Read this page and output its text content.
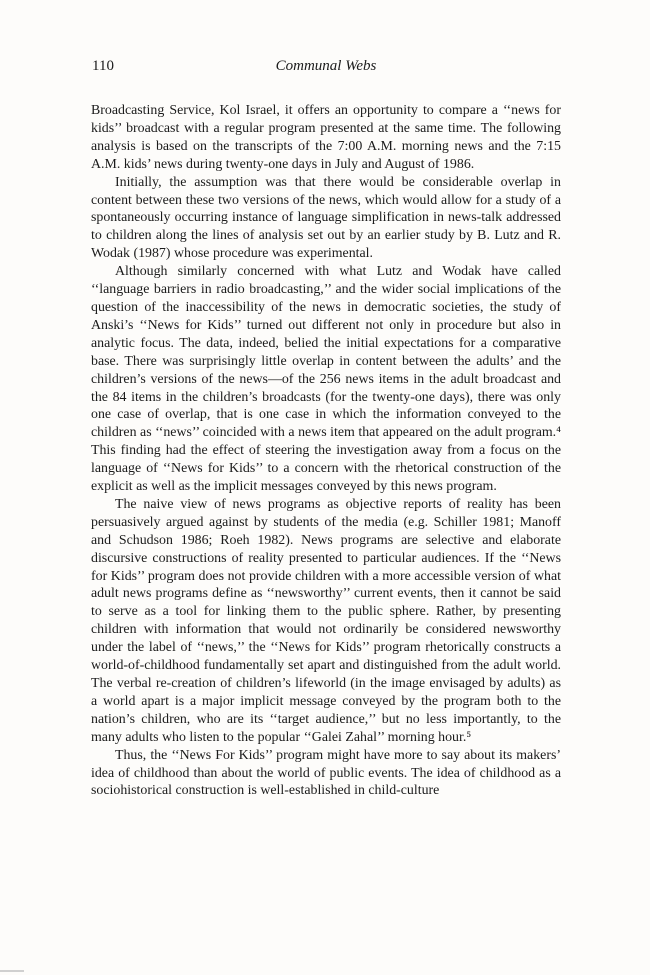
110	Communal Webs

Broadcasting Service, Kol Israel, it offers an opportunity to compare a ‘‘news for kids’’ broadcast with a regular program presented at the same time. The following analysis is based on the transcripts of the 7:00 A.M. morning news and the 7:15 A.M. kids’ news during twenty-one days in July and August of 1986.

Initially, the assumption was that there would be considerable overlap in content between these two versions of the news, which would allow for a study of a spontaneously occurring instance of language simplification in news-talk addressed to children along the lines of analysis set out by an earlier study by B. Lutz and R. Wodak (1987) whose procedure was experimental.

Although similarly concerned with what Lutz and Wodak have called ‘‘language barriers in radio broadcasting,’’ and the wider social implications of the question of the inaccessibility of the news in democratic societies, the study of Anski’s ‘‘News for Kids’’ turned out different not only in procedure but also in analytic focus. The data, indeed, belied the initial expectations for a comparative base. There was surprisingly little overlap in content between the adults’ and the children’s versions of the news—of the 256 news items in the adult broadcast and the 84 items in the children’s broadcasts (for the twenty-one days), there was only one case of overlap, that is one case in which the information conveyed to the children as ‘‘news’’ coincided with a news item that appeared on the adult program.⁴ This finding had the effect of steering the investigation away from a focus on the language of ‘‘News for Kids’’ to a concern with the rhetorical construction of the explicit as well as the implicit messages conveyed by this news program.

The naive view of news programs as objective reports of reality has been persuasively argued against by students of the media (e.g. Schiller 1981; Manoff and Schudson 1986; Roeh 1982). News programs are selective and elaborate discursive constructions of reality presented to particular audiences. If the ‘‘News for Kids’’ program does not provide children with a more accessible version of what adult news programs define as ‘‘newsworthy’’ current events, then it cannot be said to serve as a tool for linking them to the public sphere. Rather, by presenting children with information that would not ordinarily be considered newsworthy under the label of ‘‘news,’’ the ‘‘News for Kids’’ program rhetorically constructs a world-of-childhood fundamentally set apart and distinguished from the adult world. The verbal re-creation of children’s lifeworld (in the image envisaged by adults) as a world apart is a major implicit message conveyed by the program both to the nation’s children, who are its ‘‘target audience,’’ but no less importantly, to the many adults who listen to the popular ‘‘Galei Zahal’’ morning hour.⁵

Thus, the ‘‘News For Kids’’ program might have more to say about its makers’ idea of childhood than about the world of public events. The idea of childhood as a sociohistorical construction is well-established in child-culture
